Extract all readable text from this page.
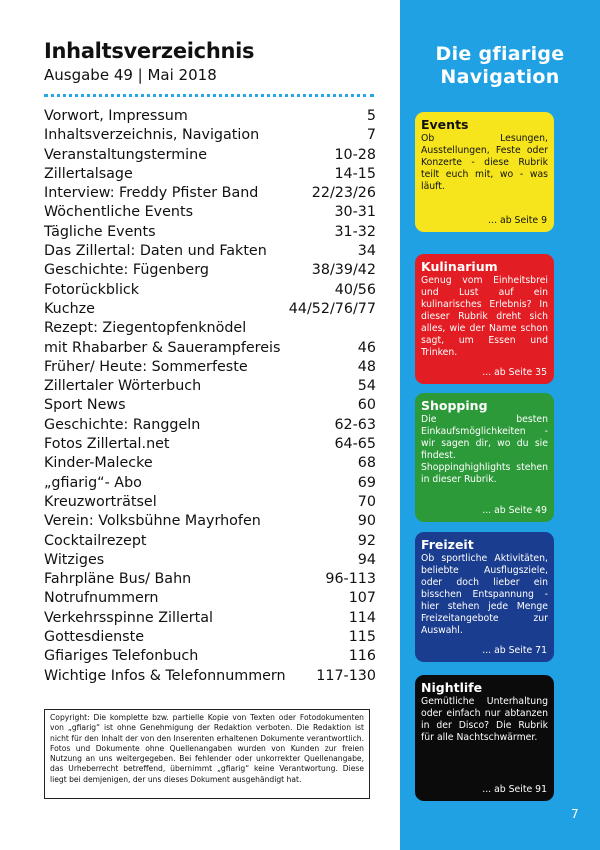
Inhaltsverzeichnis
Ausgabe 49 | Mai 2018
Vorwort, Impressum	5
Inhaltsverzeichnis, Navigation	7
Veranstaltungstermine	10-28
Zillertalsage	14-15
Interview: Freddy Pfister Band	22/23/26
Wöchentliche Events	30-31
Tägliche Events	31-32
Das Zillertal: Daten und Fakten	34
Geschichte: Fügenberg	38/39/42
Fotorückblick	40/56
Kuchze	44/52/76/77
Rezept: Ziegentopfenknödel
mit Rhabarber & Sauerampfereis	46
Früher/ Heute: Sommerfeste	48
Zillertaler Wörterbuch	54
Sport News	60
Geschichte: Ranggeln	62-63
Fotos Zillertal.net	64-65
Kinder-Malecke	68
„gfiarig“- Abo	69
Kreuzworträtsel	70
Verein: Volksbühne Mayrhofen	90
Cocktailrezept	92
Witziges	94
Fahrpläne Bus/ Bahn	96-113
Notrufnummern	107
Verkehrsspinne Zillertal	114
Gottesdienste	115
Gfiariges Telefonbuch	116
Wichtige Infos & Telefonnummern 117-130
Copyright: Die komplette bzw. partielle Kopie von Texten oder Fotodokumenten von „gfiarig“ ist ohne Genehmigung der Redaktion verboten. Die Redaktion ist nicht für den Inhalt der von den Inserenten erhaltenen Dokumente verantwortlich. Fotos und Dokumente ohne Quellenangaben wurden von Kunden zur freien Nutzung an uns weitergegeben. Bei fehlender oder unkorrekter Quellenangabe, das Urheberrecht betreffend, übernimmt „gfiarig“ keine Verantwortung. Diese liegt bei demjenigen, der uns dieses Dokument ausgehändigt hat.
Die gfiarige
Navigation
Events
Ob Lesungen, Ausstellungen, Feste oder Konzerte - diese Rubrik teilt euch mit, wo - was läuft.
... ab Seite 9
Kulinarium
Genug vom Einheitsbrei und Lust auf ein kulinarisches Erlebnis? In dieser Rubrik dreht sich alles, wie der Name schon sagt, um Essen und Trinken.
... ab Seite 35
Shopping
Die besten Einkaufsmöglichkeiten - wir sagen dir, wo du sie findest. Shoppinghighlights stehen in dieser Rubrik.
... ab Seite 49
Freizeit
Ob sportliche Aktivitäten, beliebte Ausflugsziele, oder doch lieber ein bisschen Entspannung - hier stehen jede Menge Freizeitangebote zur Auswahl.
... ab Seite 71
Nightlife
Gemütliche Unterhaltung oder einfach nur abtanzen in der Disco? Die Rubrik für alle Nachtschwärmer.
... ab Seite 91
7
